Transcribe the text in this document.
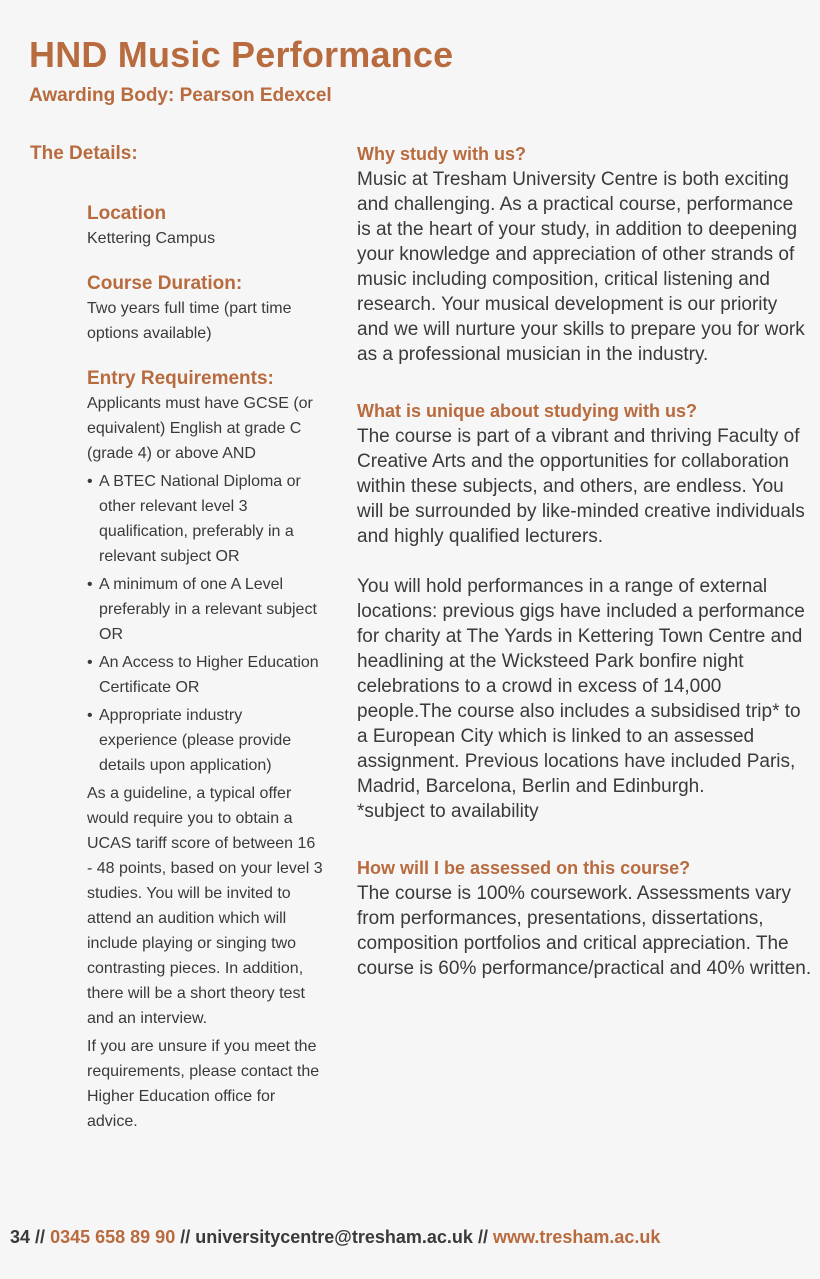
HND Music Performance
Awarding Body: Pearson Edexcel
The Details:
Location
Kettering Campus
Course Duration:
Two years full time (part time options available)
Entry Requirements:
Applicants must have GCSE (or equivalent) English at grade C (grade 4) or above AND
• A BTEC National Diploma or other relevant level 3 qualification, preferably in a relevant subject OR
• A minimum of one A Level preferably in a relevant subject OR
• An Access to Higher Education Certificate OR
• Appropriate industry experience (please provide details upon application)
As a guideline, a typical offer would require you to obtain a UCAS tariff score of between 16 - 48 points, based on your level 3 studies. You will be invited to attend an audition which will include playing or singing two contrasting pieces. In addition, there will be a short theory test and an interview.
If you are unsure if you meet the requirements, please contact the Higher Education office for advice.
Why study with us?
Music at Tresham University Centre is both exciting and challenging. As a practical course, performance is at the heart of your study, in addition to deepening your knowledge and appreciation of other strands of music including composition, critical listening and research. Your musical development is our priority and we will nurture your skills to prepare you for work as a professional musician in the industry.
What is unique about studying with us?
The course is part of a vibrant and thriving Faculty of Creative Arts and the opportunities for collaboration within these subjects, and others, are endless. You will be surrounded by like-minded creative individuals and highly qualified lecturers.
You will hold performances in a range of external locations: previous gigs have included a performance for charity at The Yards in Kettering Town Centre and headlining at the Wicksteed Park bonfire night celebrations to a crowd in excess of 14,000 people.The course also includes a subsidised trip* to a European City which is linked to an assessed assignment. Previous locations have included Paris, Madrid, Barcelona, Berlin and Edinburgh.
*subject to availability
How will I be assessed on this course?
The course is 100% coursework. Assessments vary from performances, presentations, dissertations, composition portfolios and critical appreciation. The course is 60% performance/practical and 40% written.
34 // 0345 658 89 90 // universitycentre@tresham.ac.uk // www.tresham.ac.uk
